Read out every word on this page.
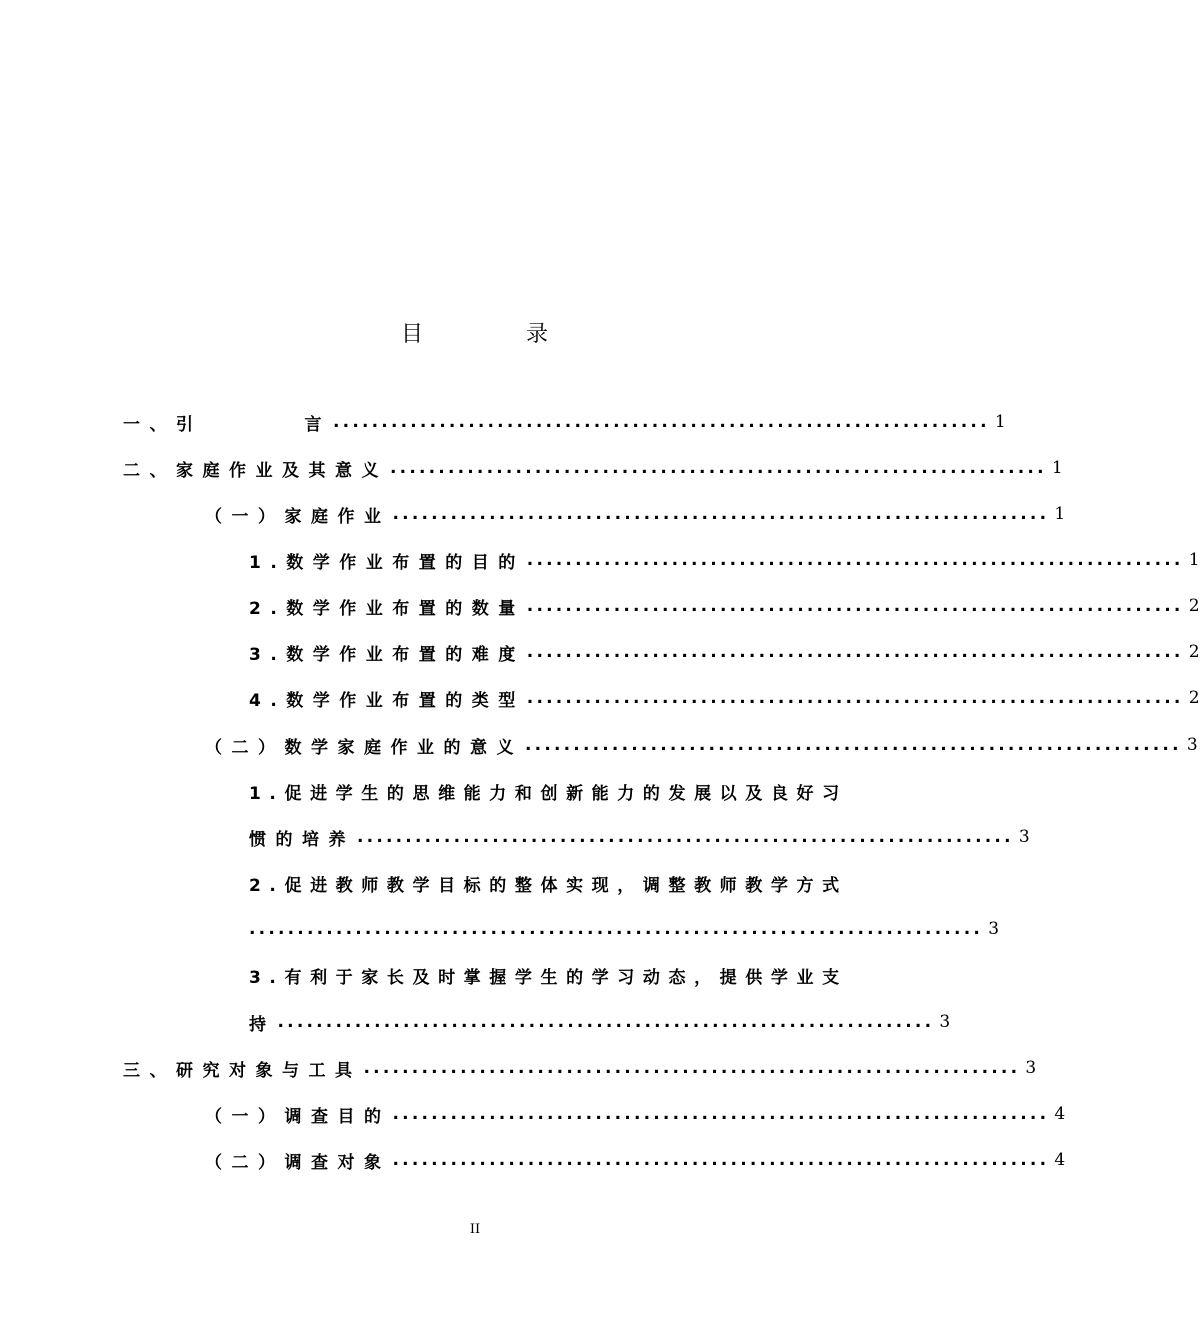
目	录
一、引	言 .................................................................... 1
二、家庭作业及其意义 .................................................................... 1
（一）家庭作业 .................................................................... 1
1.数学作业布置的目的 .................................................................... 1
2.数学作业布置的数量 .................................................................... 2
3.数学作业布置的难度 .................................................................... 2
4.数学作业布置的类型 .................................................................... 2
（二）数学家庭作业的意义 .................................................................... 3
1.促进学生的思维能力和创新能力的发展以及良好习
惯的培养 .................................................................... 3
2.促进教师教学目标的整体实现，调整教师教学方式
............................................................................ 3
3.有利于家长及时掌握学生的学习动态，提供学业支
持 .................................................................... 3
三、研究对象与工具 .................................................................... 3
（一）调查目的 .................................................................... 4
（二）调查对象 .................................................................... 4
II
